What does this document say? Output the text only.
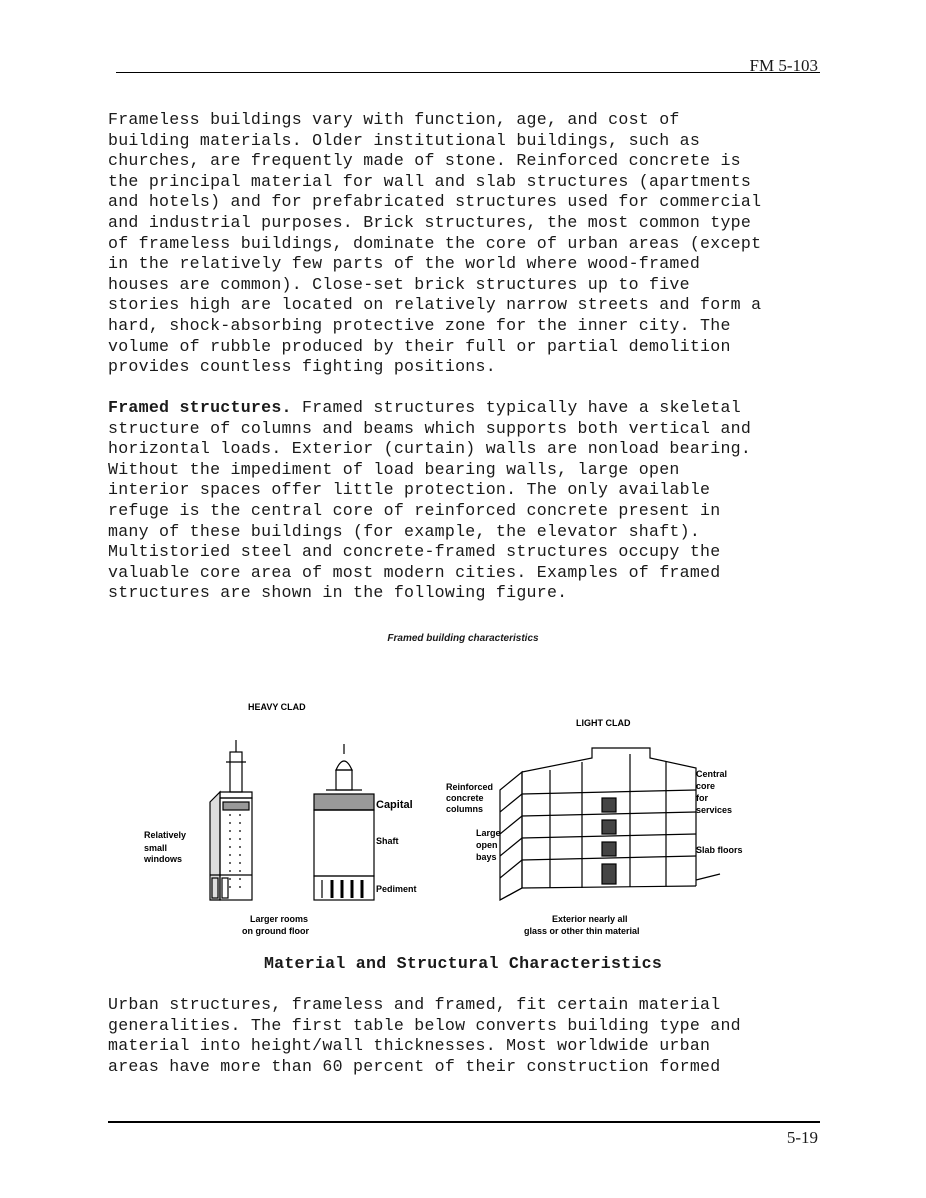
FM 5-103
Frameless buildings vary with function, age, and cost of
building materials. Older institutional buildings, such as
churches, are frequently made of stone. Reinforced concrete is
the principal material for wall and slab structures (apartments
and hotels) and for prefabricated structures used for commercial
and industrial purposes. Brick structures, the most common type
of frameless buildings, dominate the core of urban areas (except
in the relatively few parts of the world where wood-framed
houses are common). Close-set brick structures up to five
stories high are located on relatively narrow streets and form a
hard, shock-absorbing protective zone for the inner city. The
volume of rubble produced by their full or partial demolition
provides countless fighting positions.
Framed structures. Framed structures typically have a skeletal
structure of columns and beams which supports both vertical and
horizontal loads. Exterior (curtain) walls are nonload bearing.
Without the impediment of load bearing walls, large open
interior spaces offer little protection. The only available
refuge is the central core of reinforced concrete present in
many of these buildings (for example, the elevator shaft).
Multistoried steel and concrete-framed structures occupy the
valuable core area of most modern cities. Examples of framed
structures are shown in the following figure.
Framed building characteristics
HEAVY CLAD
LIGHT CLAD
Relatively
small
windows
Capital
Shaft
Pediment
Larger rooms
on ground floor
Reinforced
concrete
columns
Large
open
bays
Central
core
for
services
Slab floors
Exterior nearly all
glass or other thin material
Material and Structural Characteristics
Urban structures, frameless and framed, fit certain material
generalities. The first table below converts building type and
material into height/wall thicknesses. Most worldwide urban
areas have more than 60 percent of their construction formed
5-19
